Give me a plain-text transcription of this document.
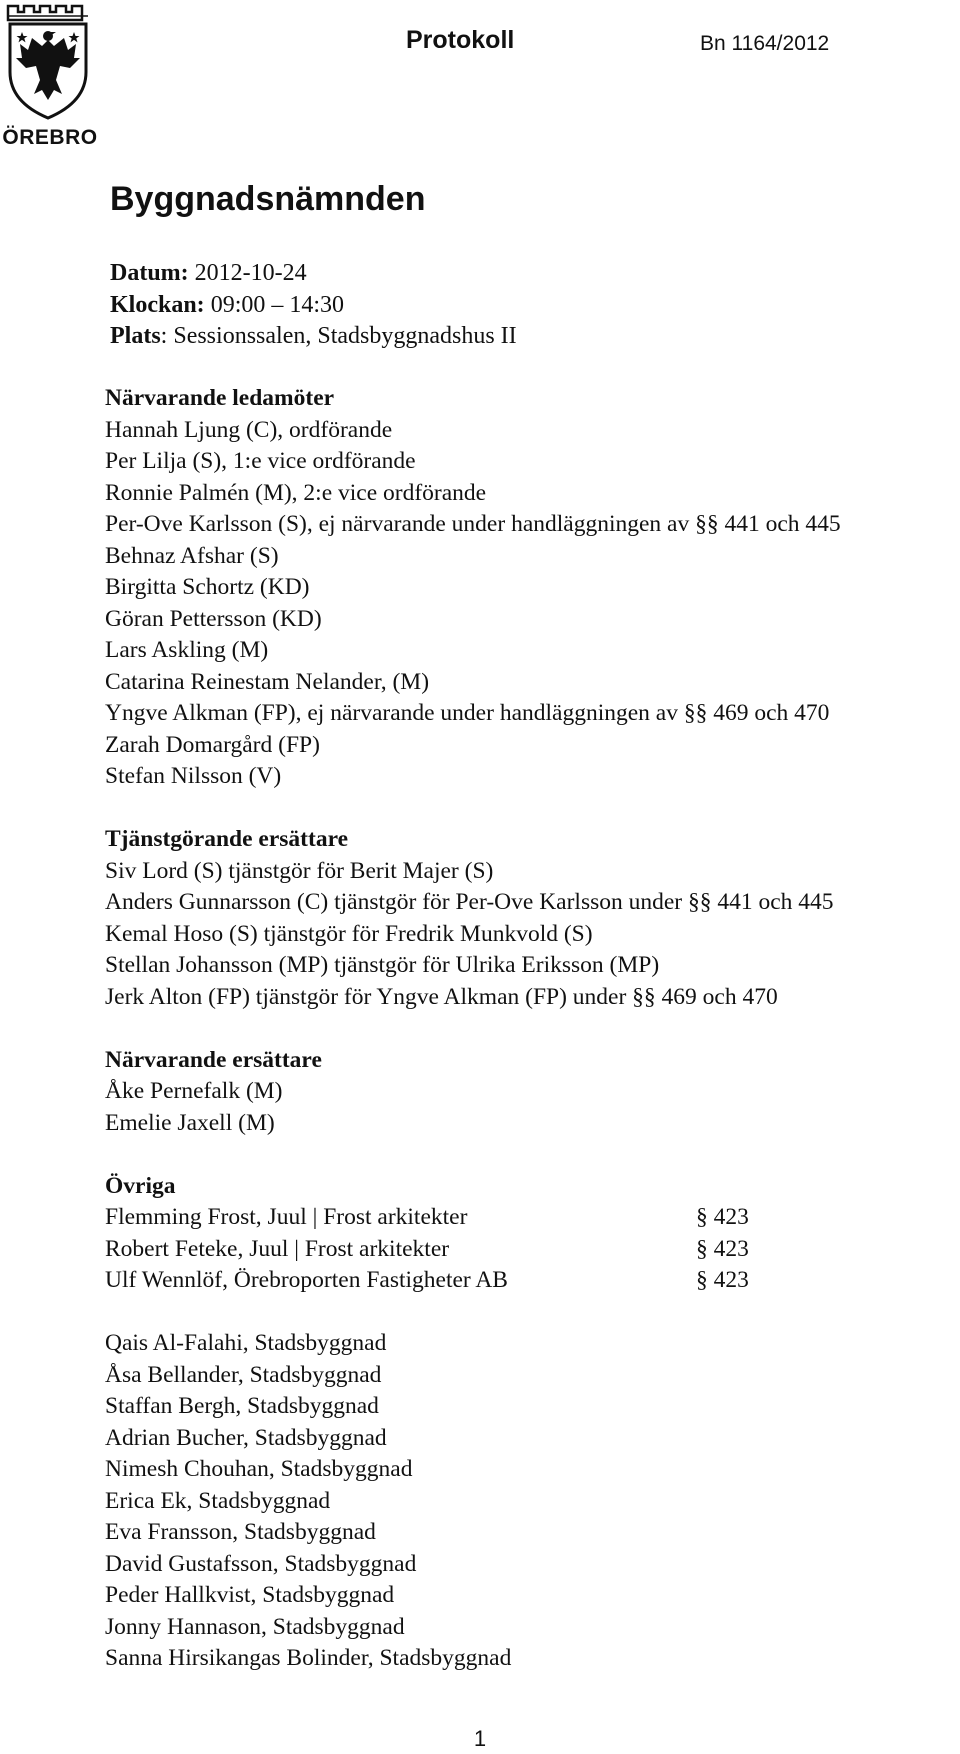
ÖREBRO
Protokoll	Bn 1164/2012
Byggnadsnämnden
Datum: 2012-10-24
Klockan: 09:00 – 14:30
Plats: Sessionssalen, Stadsbyggnadshus II
Närvarande ledamöter
Hannah Ljung (C), ordförande
Per Lilja (S), 1:e vice ordförande
Ronnie Palmén (M), 2:e vice ordförande
Per-Ove Karlsson (S), ej närvarande under handläggningen av §§ 441 och 445
Behnaz Afshar (S)
Birgitta Schortz (KD)
Göran Pettersson (KD)
Lars Askling (M)
Catarina Reinestam Nelander, (M)
Yngve Alkman (FP), ej närvarande under handläggningen av §§ 469 och 470
Zarah Domargård (FP)
Stefan Nilsson (V)
Tjänstgörande ersättare
Siv Lord (S) tjänstgör för Berit Majer (S)
Anders Gunnarsson (C) tjänstgör för Per-Ove Karlsson under §§ 441 och 445
Kemal Hoso (S) tjänstgör för Fredrik Munkvold (S)
Stellan Johansson (MP) tjänstgör för Ulrika Eriksson (MP)
Jerk Alton (FP) tjänstgör för Yngve Alkman (FP) under §§ 469 och 470
Närvarande ersättare
Åke Pernefalk (M)
Emelie Jaxell (M)
Övriga
Flemming Frost, Juul | Frost arkitekter	§ 423
Robert Feteke, Juul | Frost arkitekter	§ 423
Ulf Wennlöf, Örebroporten Fastigheter AB	§ 423
Qais Al-Falahi, Stadsbyggnad
Åsa Bellander, Stadsbyggnad
Staffan Bergh, Stadsbyggnad
Adrian Bucher, Stadsbyggnad
Nimesh Chouhan, Stadsbyggnad
Erica Ek, Stadsbyggnad
Eva Fransson, Stadsbyggnad
David Gustafsson, Stadsbyggnad
Peder Hallkvist, Stadsbyggnad
Jonny Hannason, Stadsbyggnad
Sanna Hirsikangas Bolinder, Stadsbyggnad
1
